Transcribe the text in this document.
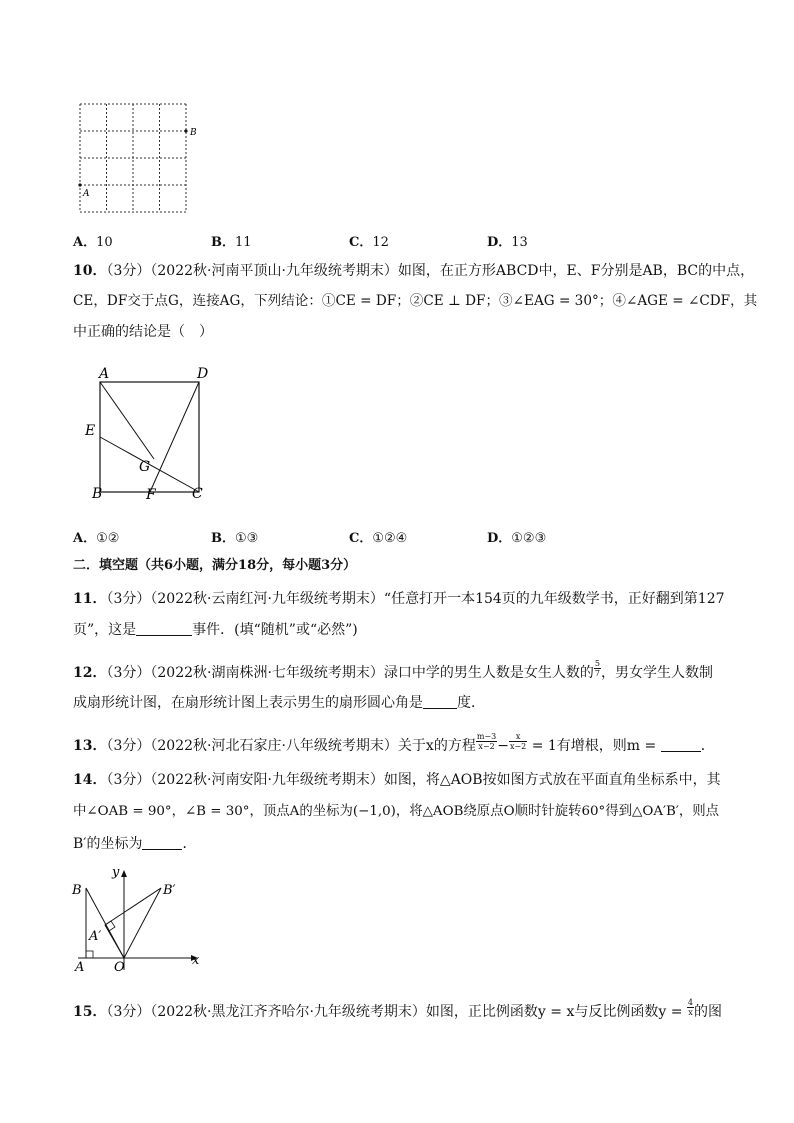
B
A
A．10	B．11	C．12	D．13
10．（3分）（2022秋·河南平顶山·九年级统考期末）如图，在正方形ABCD中，E、F分别是AB，BC的中点，
CE，DF交于点G，连接AG，下列结论：①CE = DF；②CE ⊥ DF；③∠EAG = 30°；④∠AGE = ∠CDF，其
中正确的结论是（　）
A	D
E
G
B	F	C
A．①②	B．①③	C．①②④	D．①②③
二．填空题（共6小题，满分18分，每小题3分）
11．（3分）（2022秋·云南红河·九年级统考期末）“任意打开一本154页的九年级数学书，正好翻到第127
页”，这是	事件．(填“随机”或“必然”)
12．（3分）（2022秋·湖南株洲·七年级统考期末）渌口中学的男生人数是女生人数的 $\frac{5}{7}$ ，男女学生人数制
成扇形统计图，在扇形统计图上表示男生的扇形圆心角是 度．
13．（3分）（2022秋·河北石家庄·八年级统考期末）关于x的方程 $\frac{m-3}{x-2} - \frac{x}{x-2} = 1$有增根，则m =	．
14．（3分）（2022秋·河南安阳·九年级统考期末）如图，将△AOB按如图方式放在平面直角坐标系中，其
中∠OAB = 90°，∠B = 30°，顶点A的坐标为(−1,0)，将△AOB绕原点O顺时针旋转60°得到△OA′B′，则点
B′的坐标为	．
y
B	B′
A′
A O	x
15．（3分）（2022秋·黑龙江齐齐哈尔·九年级统考期末）如图，正比例函数y = x与反比例函数$y = \frac{4}{x}$ 的图
